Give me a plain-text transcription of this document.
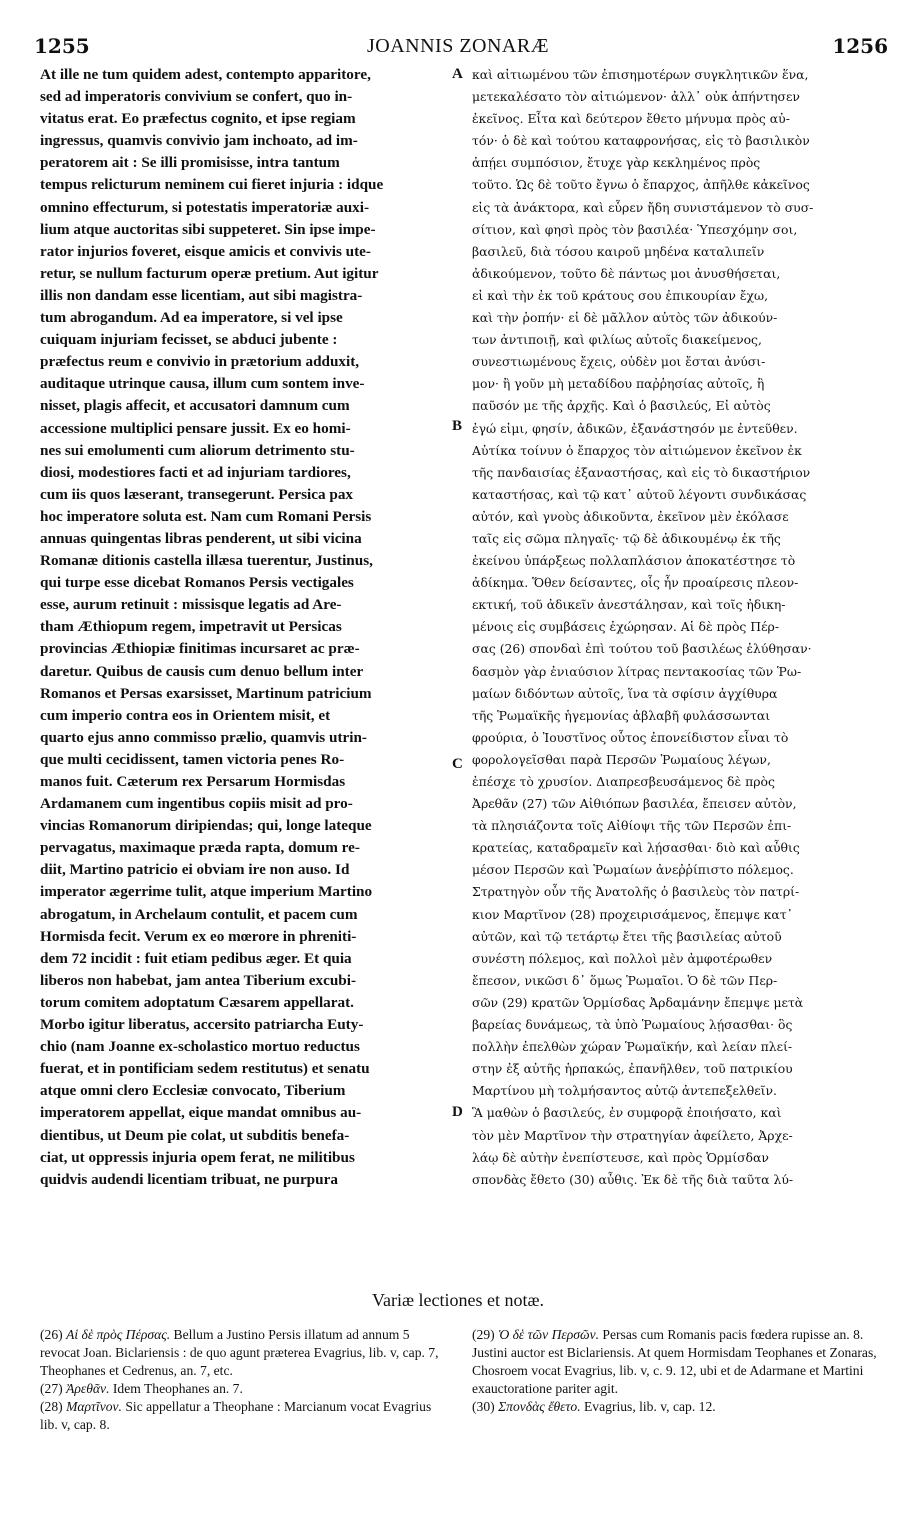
1255	JOANNIS ZONARÆ	1256
At ille ne tum quidem adest, contempto apparitore,
sed ad imperatoris convivium se confert, quo in-
vitatus erat. Eo præfectus cognito, et ipse regiam
ingressus, quamvis convivio jam inchoato, ad im-
peratorem ait : Se illi promisisse, intra tantum
tempus relicturum neminem cui fieret injuria : idque
omnino effecturum, si potestatis imperatoriæ auxi-
lium atque auctoritas sibi suppeteret. Sin ipse impe-
rator injurios foveret, eisque amicis et convivis ute-
retur, se nullum facturum operæ pretium. Aut igitur
illis non dandam esse licentiam, aut sibi magistra-
tum abrogandum. Ad ea imperatore, si vel ipse
cuiquam injuriam fecisset, se abduci jubente :
præfectus reum e convivio in prætorium adduxit,
auditaque utrinque causa, illum cum sontem inve-
nisset, plagis affecit, et accusatori damnum cum
accessione multiplici pensare jussit. Ex eo homi-
nes sui emolumenti cum aliorum detrimento stu-
diosi, modestiores facti et ad injuriam tardiores,
cum iis quos læserant, transegerunt. Persica pax
hoc imperatore soluta est. Nam cum Romani Persis
annuas quingentas libras penderent, ut sibi vicina
Romanæ ditionis castella illæsa tuerentur, Justinus,
qui turpe esse dicebat Romanos Persis vectigales
esse, aurum retinuit : missisque legatis ad Are-
tham Æthiopum regem, impetravit ut Persicas
provincias Æthiopiæ finitimas incursaret ac præ-
daretur. Quibus de causis cum denuo bellum inter
Romanos et Persas exarsisset, Martinum patricium
cum imperio contra eos in Orientem misit, et
quarto ejus anno commisso prælio, quamvis utrin-
que multi cecidissent, tamen victoria penes Ro-
manos fuit. Cæterum rex Persarum Hormisdas
Ardamanem cum ingentibus copiis misit ad pro-
vincias Romanorum diripiendas; qui, longe lateque
pervagatus, maximaque præda rapta, domum re-
diit, Martino patricio ei obviam ire non auso. Id
imperator ægerrime tulit, atque imperium Martino
abrogatum, in Archelaum contulit, et pacem cum
Hormisda fecit. Verum ex eo mœrore in phreniti-
dem 72 incidit : fuit etiam pedibus æger. Et quia
liberos non habebat, jam antea Tiberium excubi-
torum comitem adoptatum Cæsarem appellarat.
Morbo igitur liberatus, accersito patriarcha Euty-
chio (nam Joanne ex-scholastico mortuo reductus
fuerat, et in pontificiam sedem restitutus) et senatu
atque omni clero Ecclesiæ convocato, Tiberium
imperatorem appellat, eique mandat omnibus au-
dientibus, ut Deum pie colat, ut subditis benefa-
ciat, ut oppressis injuria opem ferat, ne militibus
quidvis audendi licentiam tribuat, ne purpura
A
B
C
D
καὶ αἰτιωμένου τῶν ἐπισημοτέρων συγκλητικῶν ἕνα,
μετεκαλέσατο τὸν αἰτιώμενον· ἀλλ᾿ οὐκ ἀπήντησεν
ἐκεῖνος. Εἶτα καὶ δεύτερον ἔθετο μήνυμα πρὸς αὐ-
τόν· ὁ δὲ καὶ τούτου καταφρονήσας, εἰς τὸ βασιλικὸν
ἀπῄει συμπόσιον, ἔτυχε γὰρ κεκλημένος πρὸς
τοῦτο. Ὡς δὲ τοῦτο ἔγνω ὁ ἔπαρχος, ἀπῆλθε κἀκεῖνος
εἰς τὰ ἀνάκτορα, καὶ εὗρεν ἤδη συνιστάμενον τὸ συσ-
σίτιον, καὶ φησὶ πρὸς τὸν βασιλέα· Ὑπεσχόμην σοι,
βασιλεῦ, διὰ τόσου καιροῦ μηδένα καταλιπεῖν
ἀδικούμενον, τοῦτο δὲ πάντως μοι ἀνυσθήσεται,
εἰ καὶ τὴν ἐκ τοῦ κράτους σου ἐπικουρίαν ἔχω,
καὶ τὴν ῥοπήν· εἰ δὲ μᾶλλον αὐτὸς τῶν ἀδικούν-
των ἀντιποιῇ, καὶ φιλίως αὐτοῖς διακείμενος,
συνεστιωμένους ἔχεις, οὐδὲν μοι ἔσται ἀνύσι-
μον· ἢ γοῦν μὴ μεταδίδου παῤῥησίας αὐτοῖς, ἢ
παῦσόν με τῆς ἀρχῆς. Καὶ ὁ βασιλεύς, Εἰ αὐτὸς
ἐγώ εἰμι, φησίν, ἀδικῶν, ἐξανάστησόν με ἐντεῦθεν.
Αὐτίκα τοίνυν ὁ ἔπαρχος τὸν αἰτιώμενον ἐκεῖνον ἐκ
τῆς πανδαισίας ἐξαναστήσας, καὶ εἰς τὸ δικαστήριον
καταστήσας, καὶ τῷ κατ᾿ αὐτοῦ λέγοντι συνδικάσας
αὐτόν, καὶ γνοὺς ἀδικοῦντα, ἐκεῖνον μὲν ἐκόλασε
ταῖς εἰς σῶμα πληγαῖς· τῷ δὲ ἀδικουμένῳ ἐκ τῆς
ἐκείνου ὑπάρξεως πολλαπλάσιον ἀποκατέστησε τὸ
ἀδίκημα. Ὅθεν δείσαντες, οἷς ἦν προαίρεσις πλεον-
εκτική, τοῦ ἀδικεῖν ἀνεστάλησαν, καὶ τοῖς ἠδικη-
μένοις εἰς συμβάσεις ἐχώρησαν. Αἱ δὲ πρὸς Πέρ-
σας (26) σπονδαὶ ἐπὶ τούτου τοῦ βασιλέως ἐλύθησαν·
δασμὸν γὰρ ἐνιαύσιον λίτρας πεντακοσίας τῶν Ῥω-
μαίων διδόντων αὐτοῖς, ἵνα τὰ σφίσιν ἀγχίθυρα
τῆς Ῥωμαϊκῆς ἡγεμονίας ἀβλαβῆ φυλάσσωνται
φρούρια, ὁ Ἰουστῖνος οὗτος ἐπονείδιστον εἶναι τὸ
φορολογεῖσθαι παρὰ Περσῶν Ῥωμαίους λέγων,
ἐπέσχε τὸ χρυσίον. Διαπρεσβευσάμενος δὲ πρὸς
Ἀρεθᾶν (27) τῶν Αἰθιόπων βασιλέα, ἔπεισεν αὐτὸν,
τὰ πλησιάζοντα τοῖς Αἰθίοψι τῆς τῶν Περσῶν ἐπι-
κρατείας, καταδραμεῖν καὶ λῄσασθαι· διὸ καὶ αὖθις
μέσον Περσῶν καὶ Ῥωμαίων ἀνεῤῥίπιστο πόλεμος.
Στρατηγὸν οὖν τῆς Ἀνατολῆς ὁ βασιλεὺς τὸν πατρί-
κιον Μαρτῖνον (28) προχειρισάμενος, ἔπεμψε κατ᾿
αὐτῶν, καὶ τῷ τετάρτῳ ἔτει τῆς βασιλείας αὐτοῦ
συνέστη πόλεμος, καὶ πολλοὶ μὲν ἀμφοτέρωθεν
ἔπεσον, νικῶσι δ᾿ ὅμως Ῥωμαῖοι. Ὁ δὲ τῶν Περ-
σῶν (29) κρατῶν Ὁρμίσδας Ἀρδαμάνην ἔπεμψε μετὰ
βαρείας δυνάμεως, τὰ ὑπὸ Ῥωμαίους λῄσασθαι· ὃς
πολλὴν ἐπελθὼν χώραν Ῥωμαϊκήν, καὶ λείαν πλεί-
στην ἐξ αὐτῆς ἡρπακώς, ἐπανῆλθεν, τοῦ πατρικίου
Μαρτίνου μὴ τολμήσαντος αὐτῷ ἀντεπεξελθεῖν.
Ἃ μαθὼν ὁ βασιλεύς, ἐν συμφορᾷ ἐποιήσατο, καὶ
τὸν μὲν Μαρτῖνον τὴν στρατηγίαν ἀφείλετο, Ἀρχε-
λάῳ δὲ αὐτὴν ἐνεπίστευσε, καὶ πρὸς Ὁρμίσδαν
σπονδὰς ἔθετο (30) αὖθις. Ἐκ δὲ τῆς διὰ ταῦτα λύ-
Variæ lectiones et notæ.

(26) Αἱ δὲ πρὸς Πέρσας. Bellum a Justino Persis illatum ad annum 5 revocat Joan. Biclariensis : de quo agunt præterea Evagrius, lib. v, cap. 7, Theophanes et Cedrenus, an. 7, etc.

(27) Ἀρεθᾶν. Idem Theophanes an. 7.

(28) Μαρτῖνον. Sic appellatur a Theophane : Marcianum vocat Evagrius lib. v, cap. 8.

(29) Ὁ δὲ τῶν Περσῶν. Persas cum Romanis pacis fœdera rupisse an. 8. Justini auctor est Biclariensis. At quem Hormisdam Teophanes et Zonaras, Chosroem vocat Evagrius, lib. v, c. 9. 12, ubi et de Adarmane et Martini exauctoratione pariter agit.

(30) Σπονδὰς ἔθετο. Evagrius, lib. v, cap. 12.
